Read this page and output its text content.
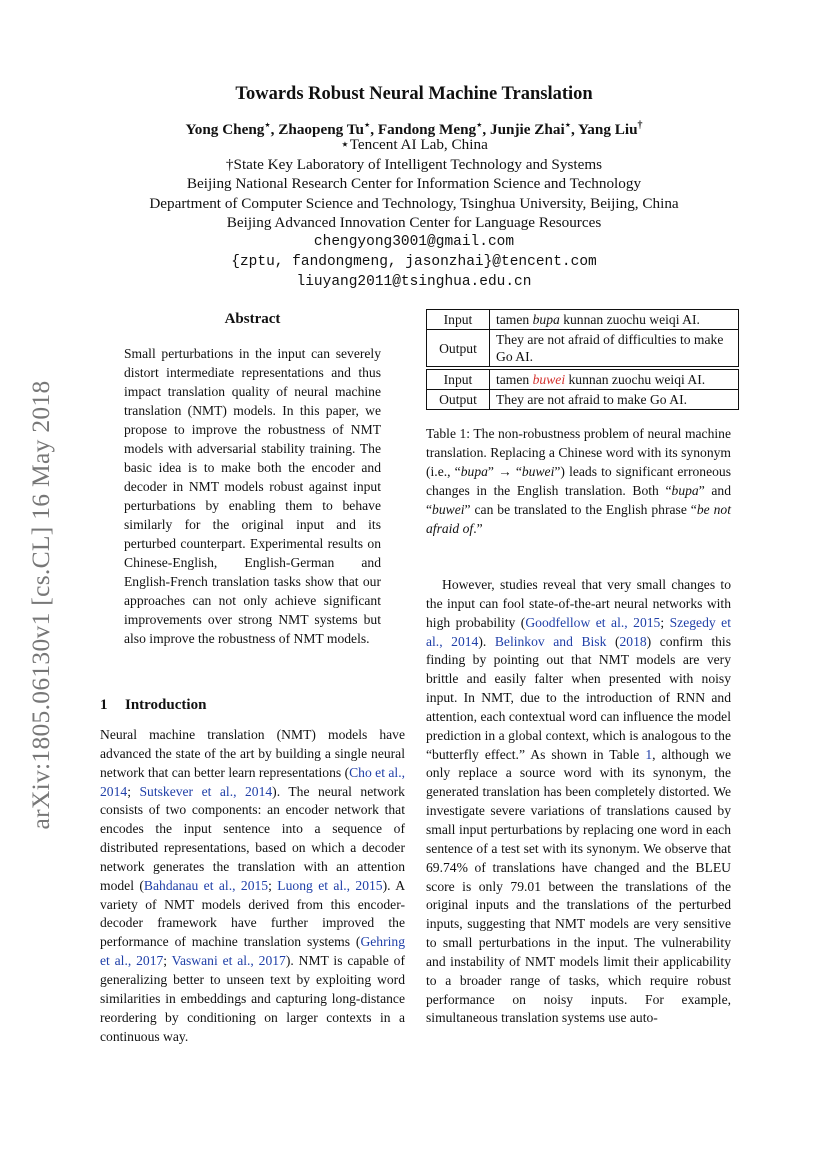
arXiv:1805.06130v1 [cs.CL] 16 May 2018
Towards Robust Neural Machine Translation
Yong Cheng⋆, Zhaopeng Tu⋆, Fandong Meng⋆, Junjie Zhai⋆, Yang Liu†
⋆Tencent AI Lab, China
†State Key Laboratory of Intelligent Technology and Systems
Beijing National Research Center for Information Science and Technology
Department of Computer Science and Technology, Tsinghua University, Beijing, China
Beijing Advanced Innovation Center for Language Resources
chengyong3001@gmail.com
{zptu, fandongmeng, jasonzhai}@tencent.com
liuyang2011@tsinghua.edu.cn
Abstract
Small perturbations in the input can severely distort intermediate representations and thus impact translation quality of neural machine translation (NMT) models. In this paper, we propose to improve the robustness of NMT models with adversarial stability training. The basic idea is to make both the encoder and decoder in NMT models robust against input perturbations by enabling them to behave similarly for the original input and its perturbed counterpart. Experimental results on Chinese-English, English-German and English-French translation tasks show that our approaches can not only achieve significant improvements over strong NMT systems but also improve the robustness of NMT models.
1 Introduction
Neural machine translation (NMT) models have advanced the state of the art by building a single neural network that can better learn representations (Cho et al., 2014; Sutskever et al., 2014). The neural network consists of two components: an encoder network that encodes the input sentence into a sequence of distributed representations, based on which a decoder network generates the translation with an attention model (Bahdanau et al., 2015; Luong et al., 2015). A variety of NMT models derived from this encoder-decoder framework have further improved the performance of machine translation systems (Gehring et al., 2017; Vaswani et al., 2017). NMT is capable of generalizing better to unseen text by exploiting word similarities in embeddings and capturing long-distance reordering by conditioning on larger contexts in a continuous way.
Input	tamen bupa kunnan zuochu weiqi AI.
Output	They are not afraid of difficulties to make Go AI.

Input	tamen buwei kunnan zuochu weiqi AI.
Output	They are not afraid to make Go AI.
Table 1: The non-robustness problem of neural machine translation. Replacing a Chinese word with its synonym (i.e., “bupa” → “buwei”) leads to significant erroneous changes in the English translation. Both “bupa” and “buwei” can be translated to the English phrase “be not afraid of.”
However, studies reveal that very small changes to the input can fool state-of-the-art neural networks with high probability (Goodfellow et al., 2015; Szegedy et al., 2014). Belinkov and Bisk (2018) confirm this finding by pointing out that NMT models are very brittle and easily falter when presented with noisy input. In NMT, due to the introduction of RNN and attention, each contextual word can influence the model prediction in a global context, which is analogous to the “butterfly effect.” As shown in Table 1, although we only replace a source word with its synonym, the generated translation has been completely distorted. We investigate severe variations of translations caused by small input perturbations by replacing one word in each sentence of a test set with its synonym. We observe that 69.74% of translations have changed and the BLEU score is only 79.01 between the translations of the original inputs and the translations of the perturbed inputs, suggesting that NMT models are very sensitive to small perturbations in the input. The vulnerability and instability of NMT models limit their applicability to a broader range of tasks, which require robust performance on noisy inputs. For example, simultaneous translation systems use auto-
